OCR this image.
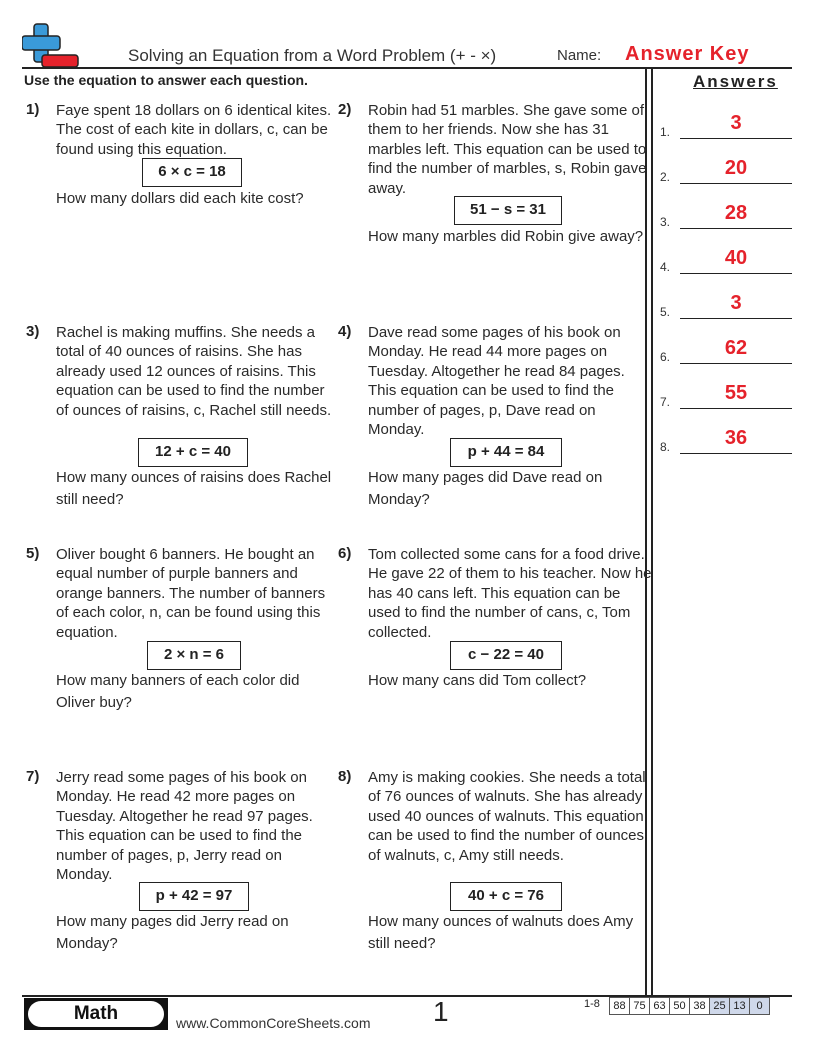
Solving an Equation from a Word Problem (+ - ×)	Name: Answer Key
Use the equation to answer each question.	Answers
1.	3
2.	20
3.	28
4.	40
5.	3
6.	62
7.	55
8.	36
1) Faye spent 18 dollars on 6 identical kites. The cost of each kite in dollars, c, can be found using this equation.
6 × c = 18
How many dollars did each kite cost?
2) Robin had 51 marbles. She gave some of them to her friends. Now she has 31 marbles left. This equation can be used to find the number of marbles, s, Robin gave away.
51 − s = 31
How many marbles did Robin give away?
3) Rachel is making muffins. She needs a total of 40 ounces of raisins. She has already used 12 ounces of raisins. This equation can be used to find the number of ounces of raisins, c, Rachel still needs.
12 + c = 40
How many ounces of raisins does Rachel still need?
4) Dave read some pages of his book on Monday. He read 44 more pages on Tuesday. Altogether he read 84 pages. This equation can be used to find the number of pages, p, Dave read on Monday.
p + 44 = 84
How many pages did Dave read on Monday?
5) Oliver bought 6 banners. He bought an equal number of purple banners and orange banners. The number of banners of each color, n, can be found using this equation.
2 × n = 6
How many banners of each color did Oliver buy?
6) Tom collected some cans for a food drive. He gave 22 of them to his teacher. Now he has 40 cans left. This equation can be used to find the number of cans, c, Tom collected.
c − 22 = 40
How many cans did Tom collect?
7) Jerry read some pages of his book on Monday. He read 42 more pages on Tuesday. Altogether he read 97 pages. This equation can be used to find the number of pages, p, Jerry read on Monday.
p + 42 = 97
How many pages did Jerry read on Monday?
8) Amy is making cookies. She needs a total of 76 ounces of walnuts. She has already used 40 ounces of walnuts. This equation can be used to find the number of ounces of walnuts, c, Amy still needs.
40 + c = 76
How many ounces of walnuts does Amy still need?
Math	www.CommonCoreSheets.com 1	1-8	88 75 63 50 38 25 13 0
